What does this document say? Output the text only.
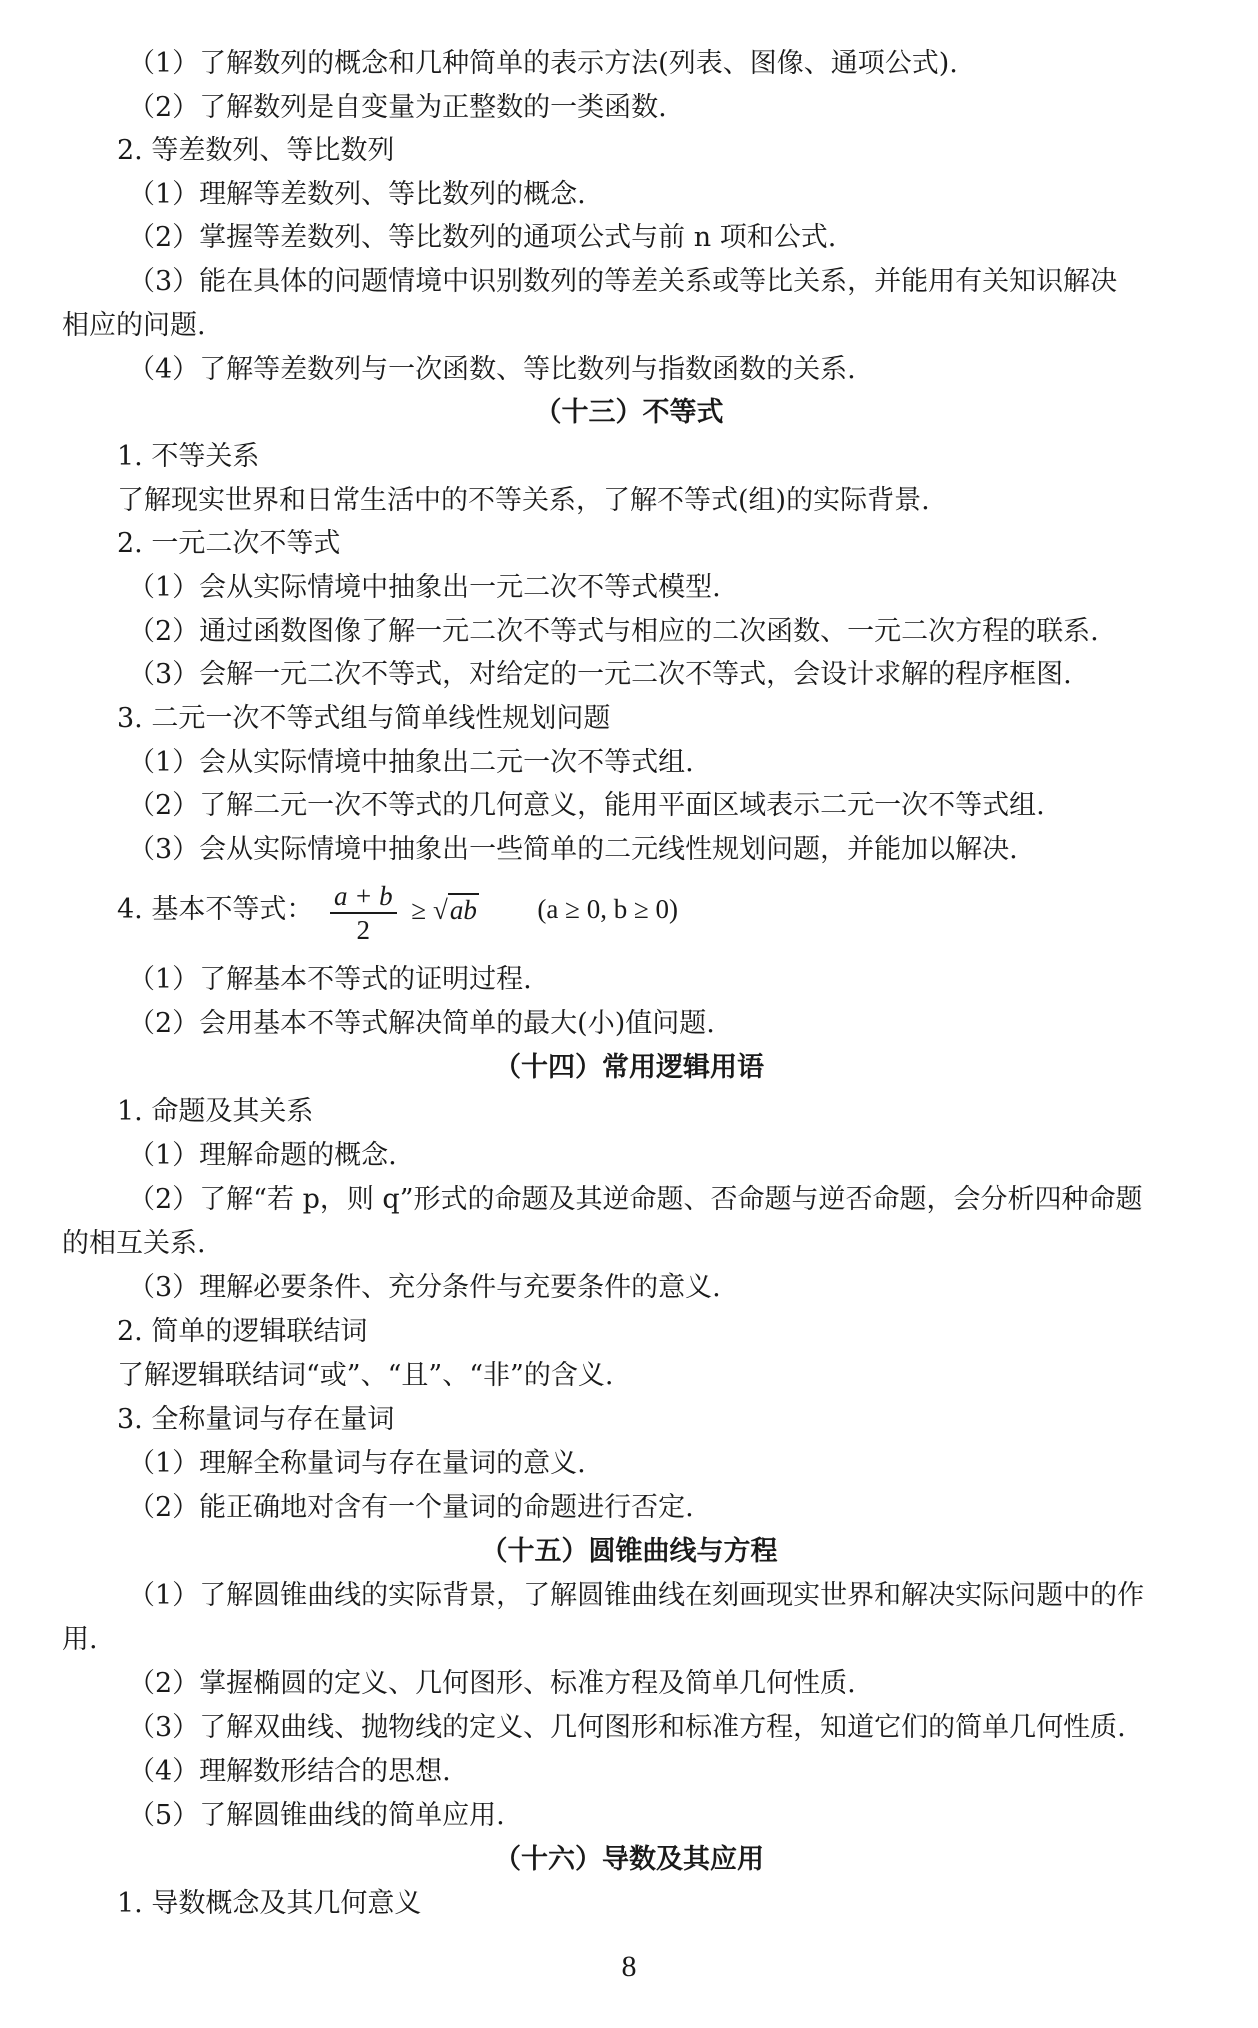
（1）了解数列的概念和几种简单的表示方法(列表、图像、通项公式).
（2）了解数列是自变量为正整数的一类函数.
2. 等差数列、等比数列
（1）理解等差数列、等比数列的概念.
（2）掌握等差数列、等比数列的通项公式与前 n 项和公式.
（3）能在具体的问题情境中识别数列的等差关系或等比关系，并能用有关知识解决
相应的问题.
（4）了解等差数列与一次函数、等比数列与指数函数的关系.
（十三）不等式
1. 不等关系
了解现实世界和日常生活中的不等关系，了解不等式(组)的实际背景.
2. 一元二次不等式
（1）会从实际情境中抽象出一元二次不等式模型.
（2）通过函数图像了解一元二次不等式与相应的二次函数、一元二次方程的联系.
（3）会解一元二次不等式，对给定的一元二次不等式，会设计求解的程序框图.
3. 二元一次不等式组与简单线性规划问题
（1）会从实际情境中抽象出二元一次不等式组.
（2）了解二元一次不等式的几何意义，能用平面区域表示二元一次不等式组.
（3）会从实际情境中抽象出一些简单的二元线性规划问题，并能加以解决.
4. 基本不等式： $\frac{a + b}{2} \ge √ab$ (a ≥ 0, b ≥ 0)
（1）了解基本不等式的证明过程.
（2）会用基本不等式解决简单的最大(小)值问题.
（十四）常用逻辑用语
1. 命题及其关系
（1）理解命题的概念.
（2）了解“若 p，则 q”形式的命题及其逆命题、否命题与逆否命题，会分析四种命题
的相互关系.
（3）理解必要条件、充分条件与充要条件的意义.
2. 简单的逻辑联结词
了解逻辑联结词“或”、“且”、“非”的含义.
3. 全称量词与存在量词
（1）理解全称量词与存在量词的意义.
（2）能正确地对含有一个量词的命题进行否定.
（十五）圆锥曲线与方程
（1）了解圆锥曲线的实际背景，了解圆锥曲线在刻画现实世界和解决实际问题中的作
用.
（2）掌握椭圆的定义、几何图形、标准方程及简单几何性质.
（3）了解双曲线、抛物线的定义、几何图形和标准方程，知道它们的简单几何性质.
（4）理解数形结合的思想.
（5）了解圆锥曲线的简单应用.
（十六）导数及其应用
1. 导数概念及其几何意义
8
